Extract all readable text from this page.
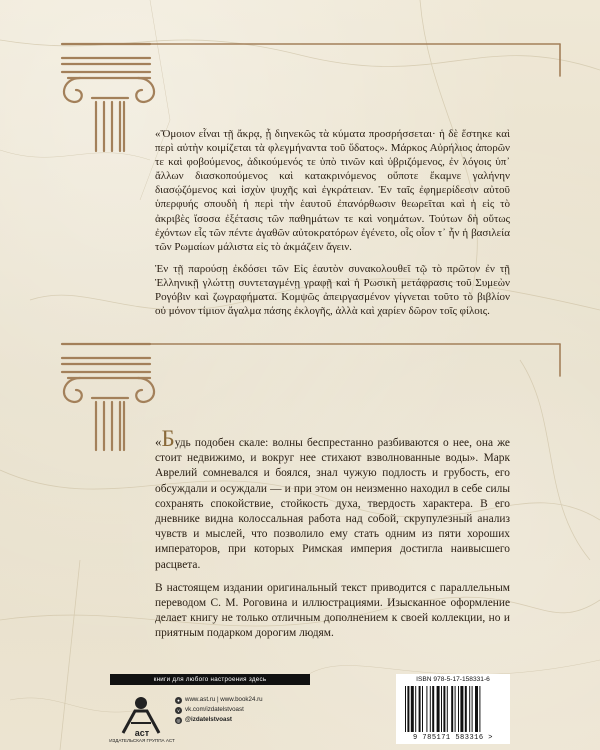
«Ὅμοιον εἶναι τῇ ἄκρᾳ, ᾗ διηνεκῶς τὰ κύματα προσρήσσεται· ἡ δὲ ἕστηκε καὶ περὶ αὐτὴν κοιμίζεται τὰ φλεγμήναντα τοῦ ὕδατος». Μάρκος Αὐρήλιος ἀπορῶν τε καὶ φοβούμενος, ἀδικούμενός τε ὑπὸ τινῶν καὶ ὑβριζόμενος, ἐν λόγοις ὑπ᾽ ἄλλων διασκοπούμενος καὶ κατακρινόμενος οὔποτε ἔκαμνε γαλήνην διασῴζόμενος καὶ ἰσχὺν ψυχῆς καὶ ἐγκράτειαν. Ἐν ταῖς ἐφημερίδεσιν αὐτοῦ ὑπερφυής σπουδὴ ἡ περὶ τὴν ἑαυτοῦ ἐπανόρθωσιν θεωρεῖται καὶ ἡ εἰς τὸ ἀκριβὲς ἴσοσα ἐξέτασις τῶν παθημάτων τε καὶ νοημάτων. Τούτων δὴ οὕτως ἐχόντων εἷς τῶν πέντε ἀγαθῶν αὐτοκρατόρων ἐγένετο, οἷς οἷον τ᾽ ἦν ἡ βασιλεία τῶν Ρωμαίων μάλιστα εἰς τὸ ἀκμάζειν ἄγειν.

Ἐν τῇ παρούσῃ ἐκδόσει τῶν Εἰς ἑαυτὸν συνακολουθεῖ τῷ τὸ πρῶτον ἐν τῇ Ἑλληνικῇ γλώττῃ συντεταγμένῃ γραφῇ καὶ ἡ Ρωσικὴ μετάφρασις τοῦ Συμεὼν Ρογόβιν καὶ ζωγραφήματα. Κομψῶς ἀπειργασμένον γίγνεται τοῦτο τὸ βιβλίον οὐ μόνον τίμιον ἄγαλμα πάσης ἐκλογῆς, ἀλλὰ καὶ χαρίεν δῶρον τοῖς φίλοις.

«Будь подобен скале: волны беспрестанно разбиваются о нее, она же стоит недвижимо, и вокруг нее стихают взволнованные воды». Марк Аврелий сомневался и боялся, знал чужую подлость и грубость, его обсуждали и осуждали — и при этом он неизменно находил в себе силы сохранять спокойствие, стойкость духа, твердость характера. В его дневнике видна колоссальная работа над собой, скрупулезный анализ чувств и мыслей, что позволило ему стать одним из пяти хороших императоров, при которых Римская империя достигла наивысшего расцвета.

В настоящем издании оригинальный текст приводится с параллельным переводом С. М. Роговина и иллюстрациями. Изысканное оформление делает книгу не только отличным дополнением к своей коллекции, но и приятным подарком дорогим людям.

книги для любого настроения здесь
аст
ИЗДАТЕЛЬСКАЯ ГРУППА АСТ
● www.ast.ru | www.book24.ru
v vk.com/izdatelstvoast
◎ @izdatelstvoast
ISBN 978-5-17-158331-6
9 785171 583316 >
